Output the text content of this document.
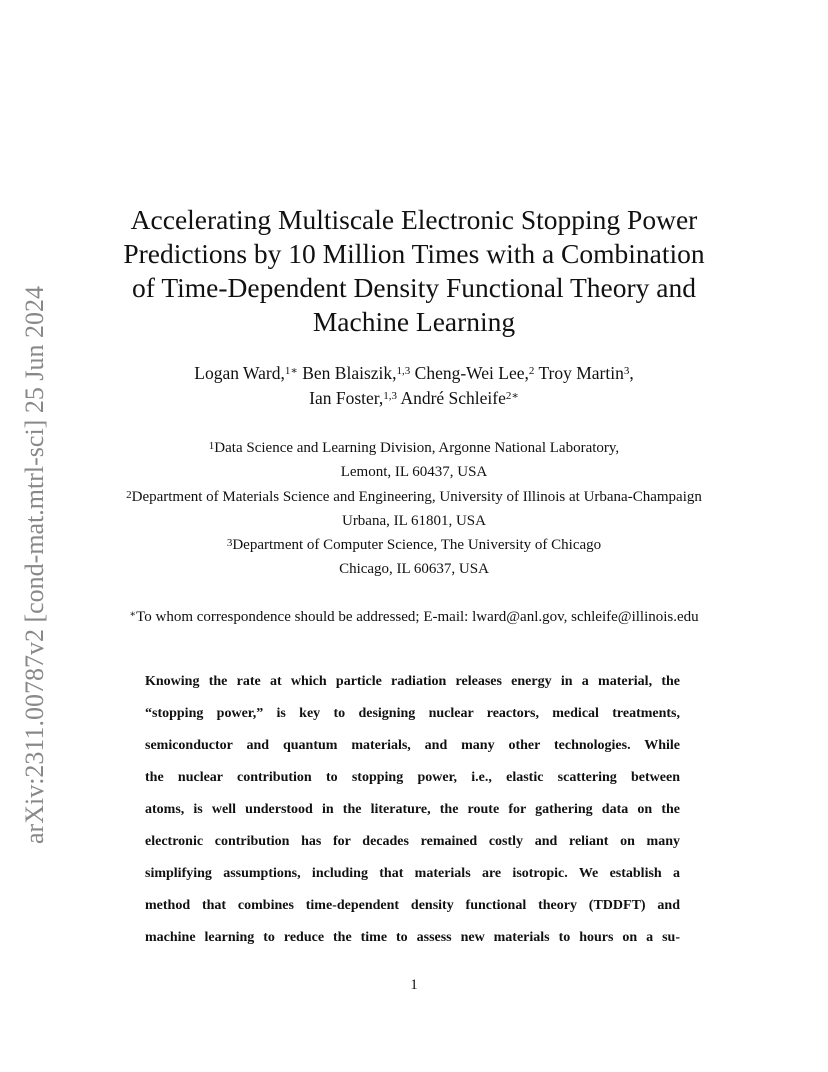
arXiv:2311.00787v2 [cond-mat.mtrl-sci] 25 Jun 2024
Accelerating Multiscale Electronic Stopping Power
Predictions by 10 Million Times with a Combination
of Time-Dependent Density Functional Theory and
Machine Learning
Logan Ward,$^{1∗}$ Ben Blaiszik,$^{1,3}$ Cheng-Wei Lee,$^2$ Troy Martin$^3$,
Ian Foster,$^{1,3}$ André Schleife$^{2∗}$
$^1$Data Science and Learning Division, Argonne National Laboratory,
Lemont, IL 60437, USA
$^2$Department of Materials Science and Engineering, University of Illinois at Urbana-Champaign
Urbana, IL 61801, USA
$^3$Department of Computer Science, The University of Chicago
Chicago, IL 60637, USA
∗To whom correspondence should be addressed; E-mail: lward@anl.gov, schleife@illinois.edu
Knowing the rate at which particle radiation releases energy in a material, the
“stopping power,” is key to designing nuclear reactors, medical treatments,
semiconductor and quantum materials, and many other technologies. While
the nuclear contribution to stopping power, i.e., elastic scattering between
atoms, is well understood in the literature, the route for gathering data on the
electronic contribution has for decades remained costly and reliant on many
simplifying assumptions, including that materials are isotropic. We establish a
method that combines time-dependent density functional theory (TDDFT) and
machine learning to reduce the time to assess new materials to hours on a su-
1
